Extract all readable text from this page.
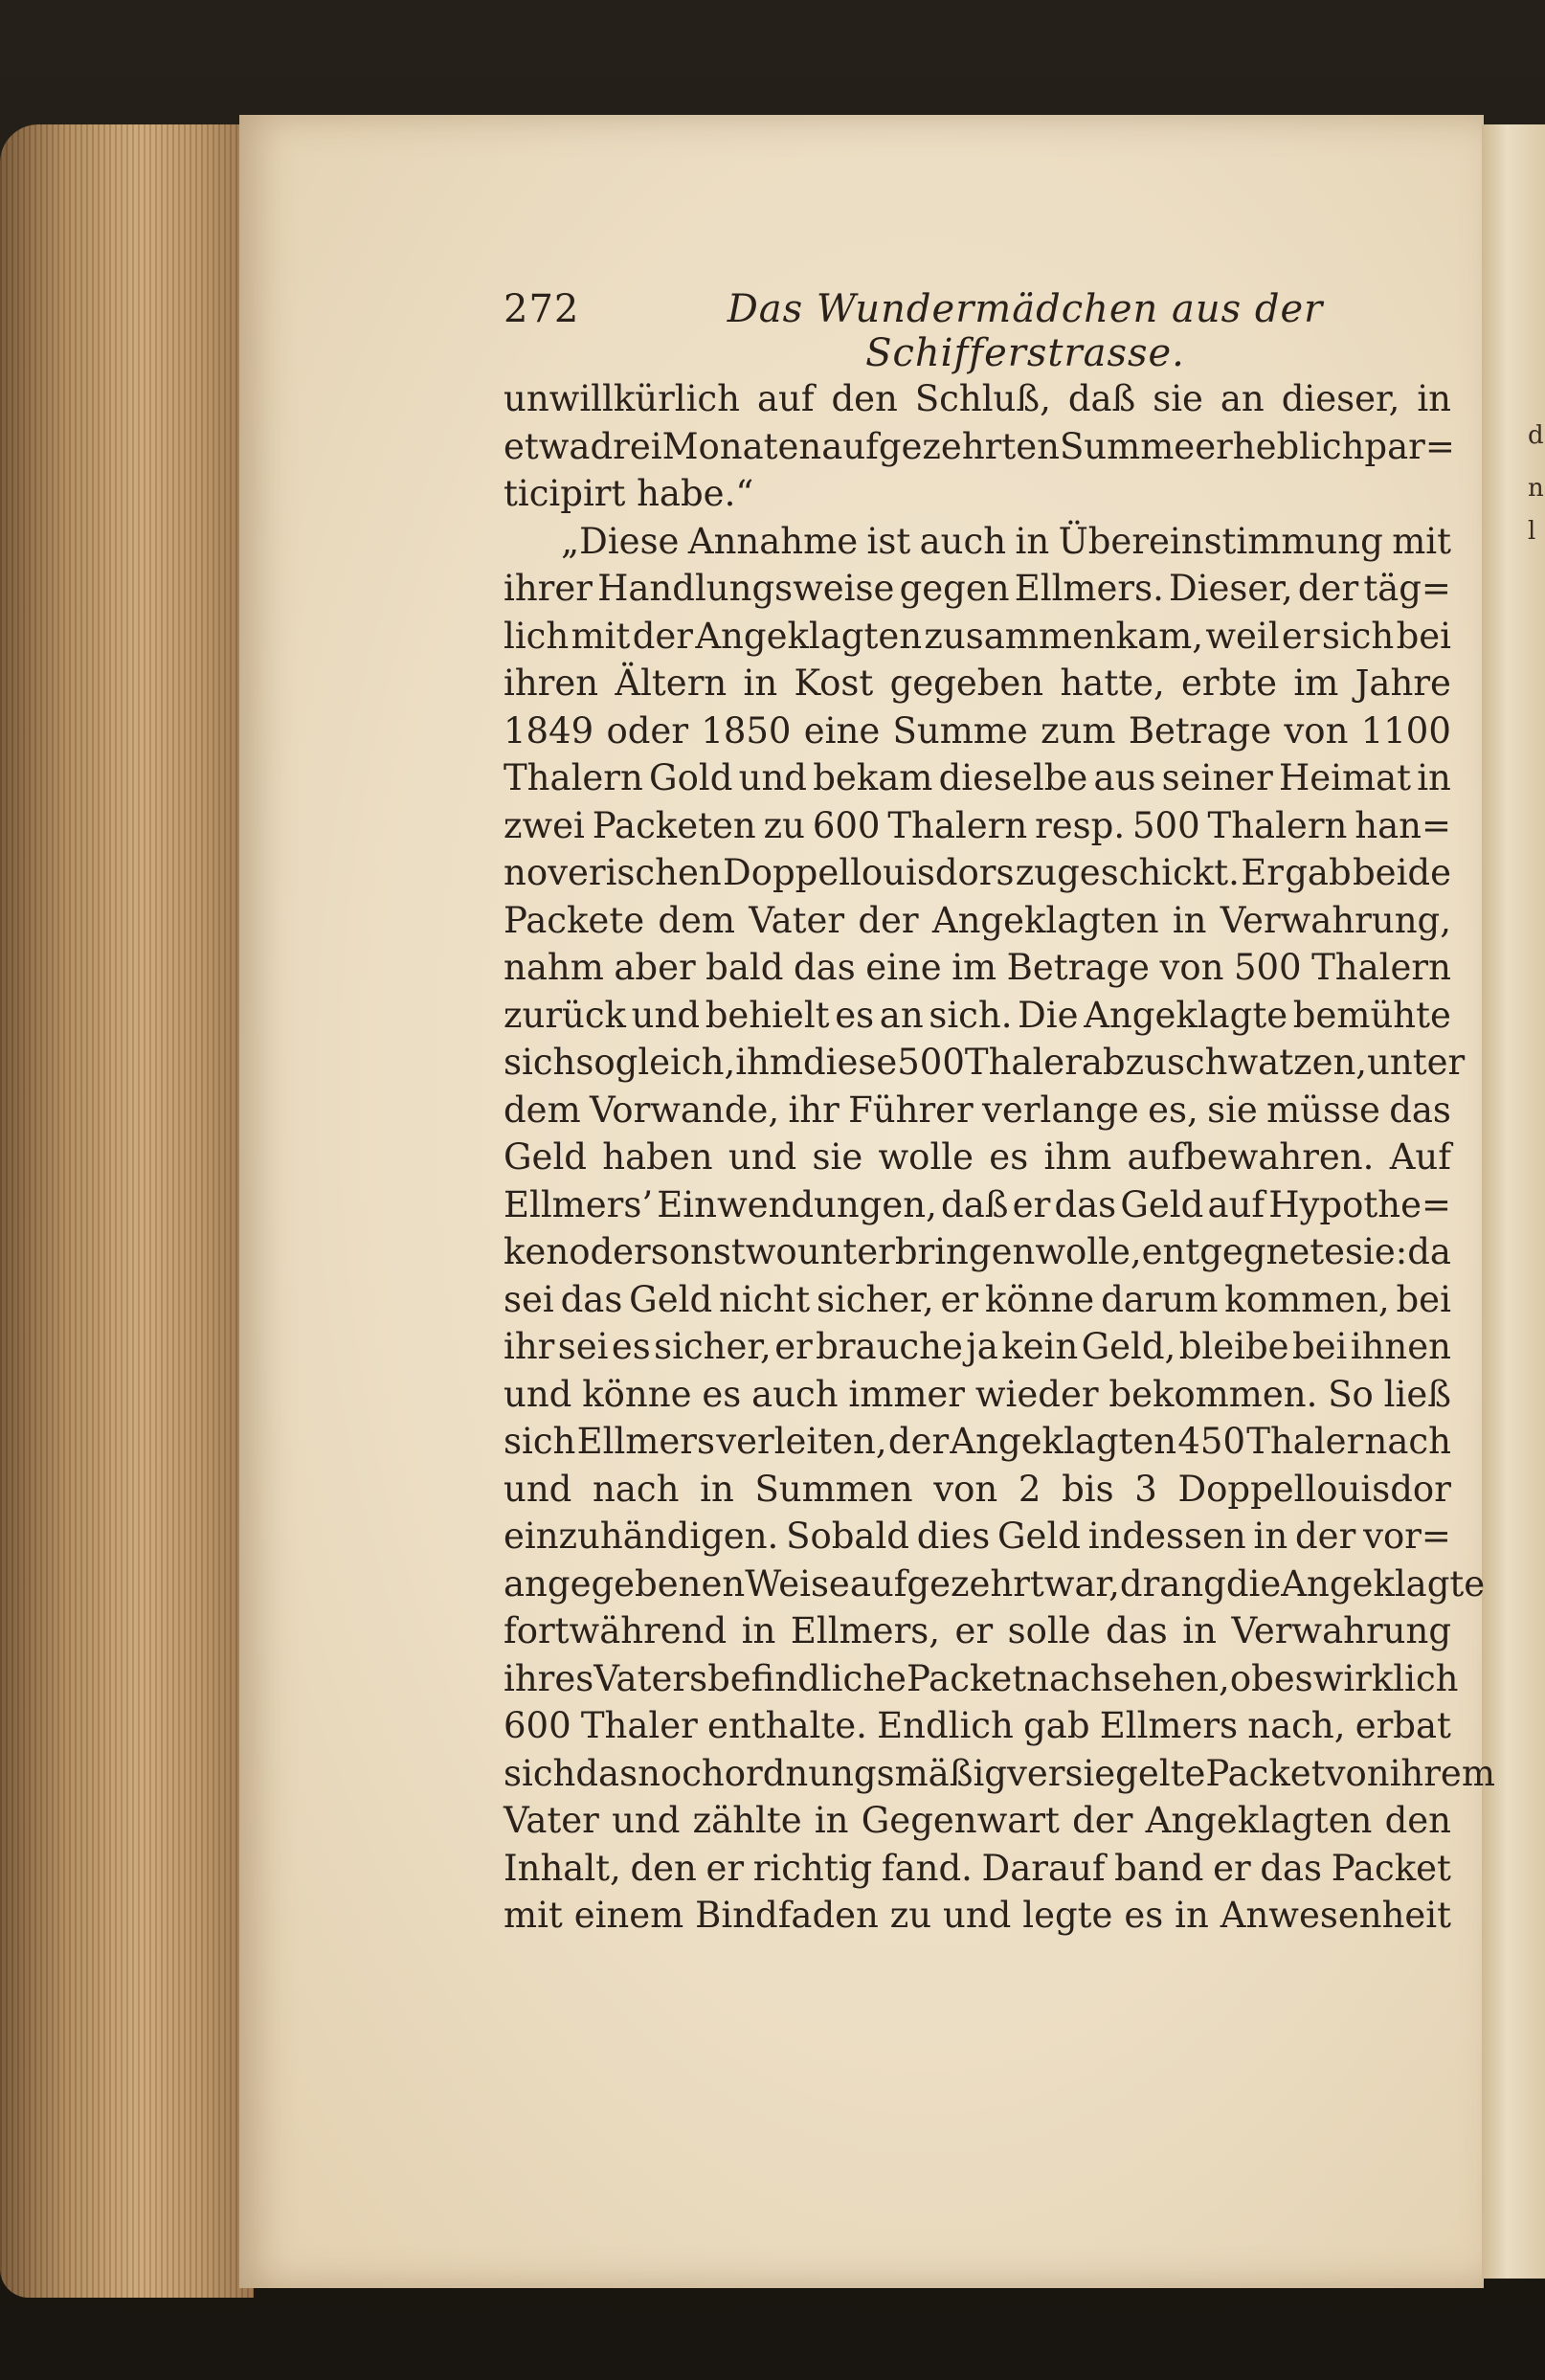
d
n
l
272	Das Wundermädchen aus der Schifferstrasse.
unwillkürlich auf den Schluß, daß sie an dieser, in
etwa drei Monaten aufgezehrten Summe erheblich par=
ticipirt habe.“
„Diese Annahme ist auch in Übereinstimmung mit
ihrer Handlungsweise gegen Ellmers. Dieser, der täg=
lich mit der Angeklagten zusammenkam, weil er sich bei
ihren Ältern in Kost gegeben hatte, erbte im Jahre
1849 oder 1850 eine Summe zum Betrage von 1100
Thalern Gold und bekam dieselbe aus seiner Heimat in
zwei Packeten zu 600 Thalern resp. 500 Thalern han=
noverischen Doppellouisdors zugeschickt. Er gab beide
Packete dem Vater der Angeklagten in Verwahrung,
nahm aber bald das eine im Betrage von 500 Thalern
zurück und behielt es an sich. Die Angeklagte bemühte
sich sogleich, ihm diese 500 Thaler abzuschwatzen, unter
dem Vorwande, ihr Führer verlange es, sie müsse das
Geld haben und sie wolle es ihm aufbewahren. Auf
Ellmers’ Einwendungen, daß er das Geld auf Hypothe=
ken oder sonst wo unterbringen wolle, entgegnete sie: da
sei das Geld nicht sicher, er könne darum kommen, bei
ihr sei es sicher, er brauche ja kein Geld, bleibe bei ihnen
und könne es auch immer wieder bekommen. So ließ
sich Ellmers verleiten, der Angeklagten 450 Thaler nach
und nach in Summen von 2 bis 3 Doppellouisdor
einzuhändigen. Sobald dies Geld indessen in der vor=
angegebenen Weise aufgezehrt war, drang die Angeklagte
fortwährend in Ellmers, er solle das in Verwahrung
ihres Vaters befindliche Packet nachsehen, ob es wirklich
600 Thaler enthalte. Endlich gab Ellmers nach, erbat
sich das noch ordnungsmäßig versiegelte Packet von ihrem
Vater und zählte in Gegenwart der Angeklagten den
Inhalt, den er richtig fand. Darauf band er das Packet
mit einem Bindfaden zu und legte es in Anwesenheit
